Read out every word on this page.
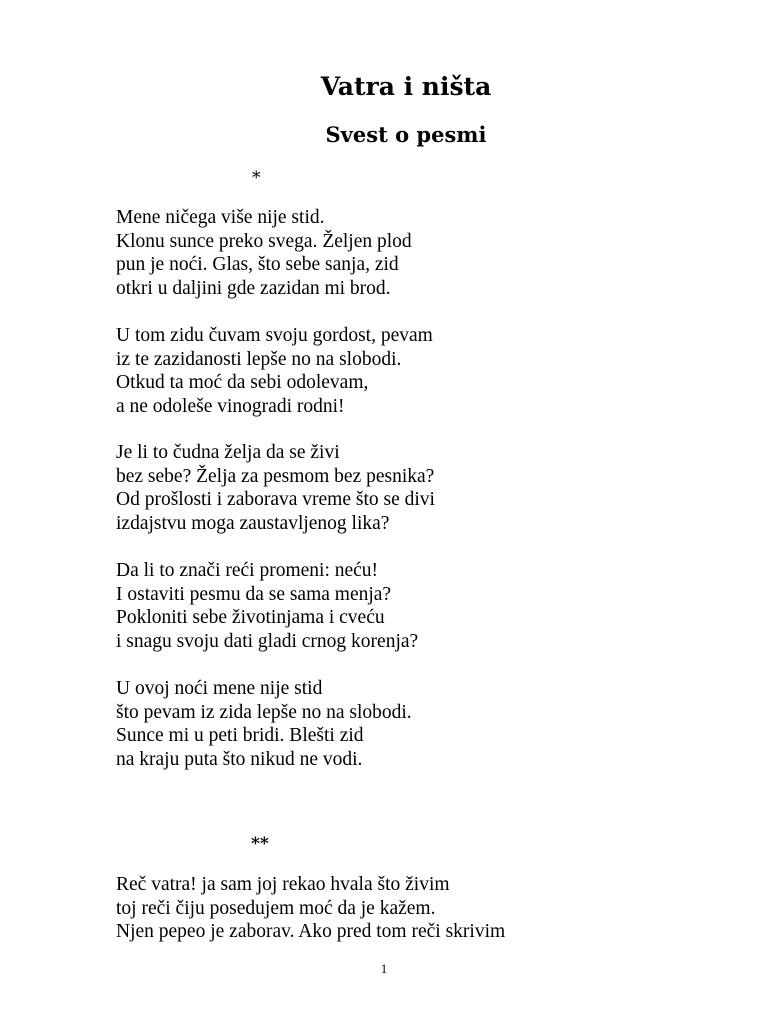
Vatra i ništa
Svest o pesmi

*

Mene ničega više nije stid.
Klonu sunce preko svega. Željen plod
pun je noći. Glas, što sebe sanja, zid
otkri u daljini gde zazidan mi brod.
U tom zidu čuvam svoju gordost, pevam
iz te zazidanosti lepše no na slobodi.
Otkud ta moć da sebi odolevam,
a ne odoleše vinogradi rodni!
Je li to čudna želja da se živi
bez sebe? Želja za pesmom bez pesnika?
Od prošlosti i zaborava vreme što se divi
izdajstvu moga zaustavljenog lika?
Da li to znači reći promeni: neću!
I ostaviti pesmu da se sama menja?
Pokloniti sebe životinjama i cveću
i snagu svoju dati gladi crnog korenja?
U ovoj noći mene nije stid
što pevam iz zida lepše no na slobodi.
Sunce mi u peti bridi. Blešti zid
na kraju puta što nikud ne vodi.

**

Reč vatra! ja sam joj rekao hvala što živim
toj reči čiju posedujem moć da je kažem.
Njen pepeo je zaborav. Ako pred tom reči skrivim

1
